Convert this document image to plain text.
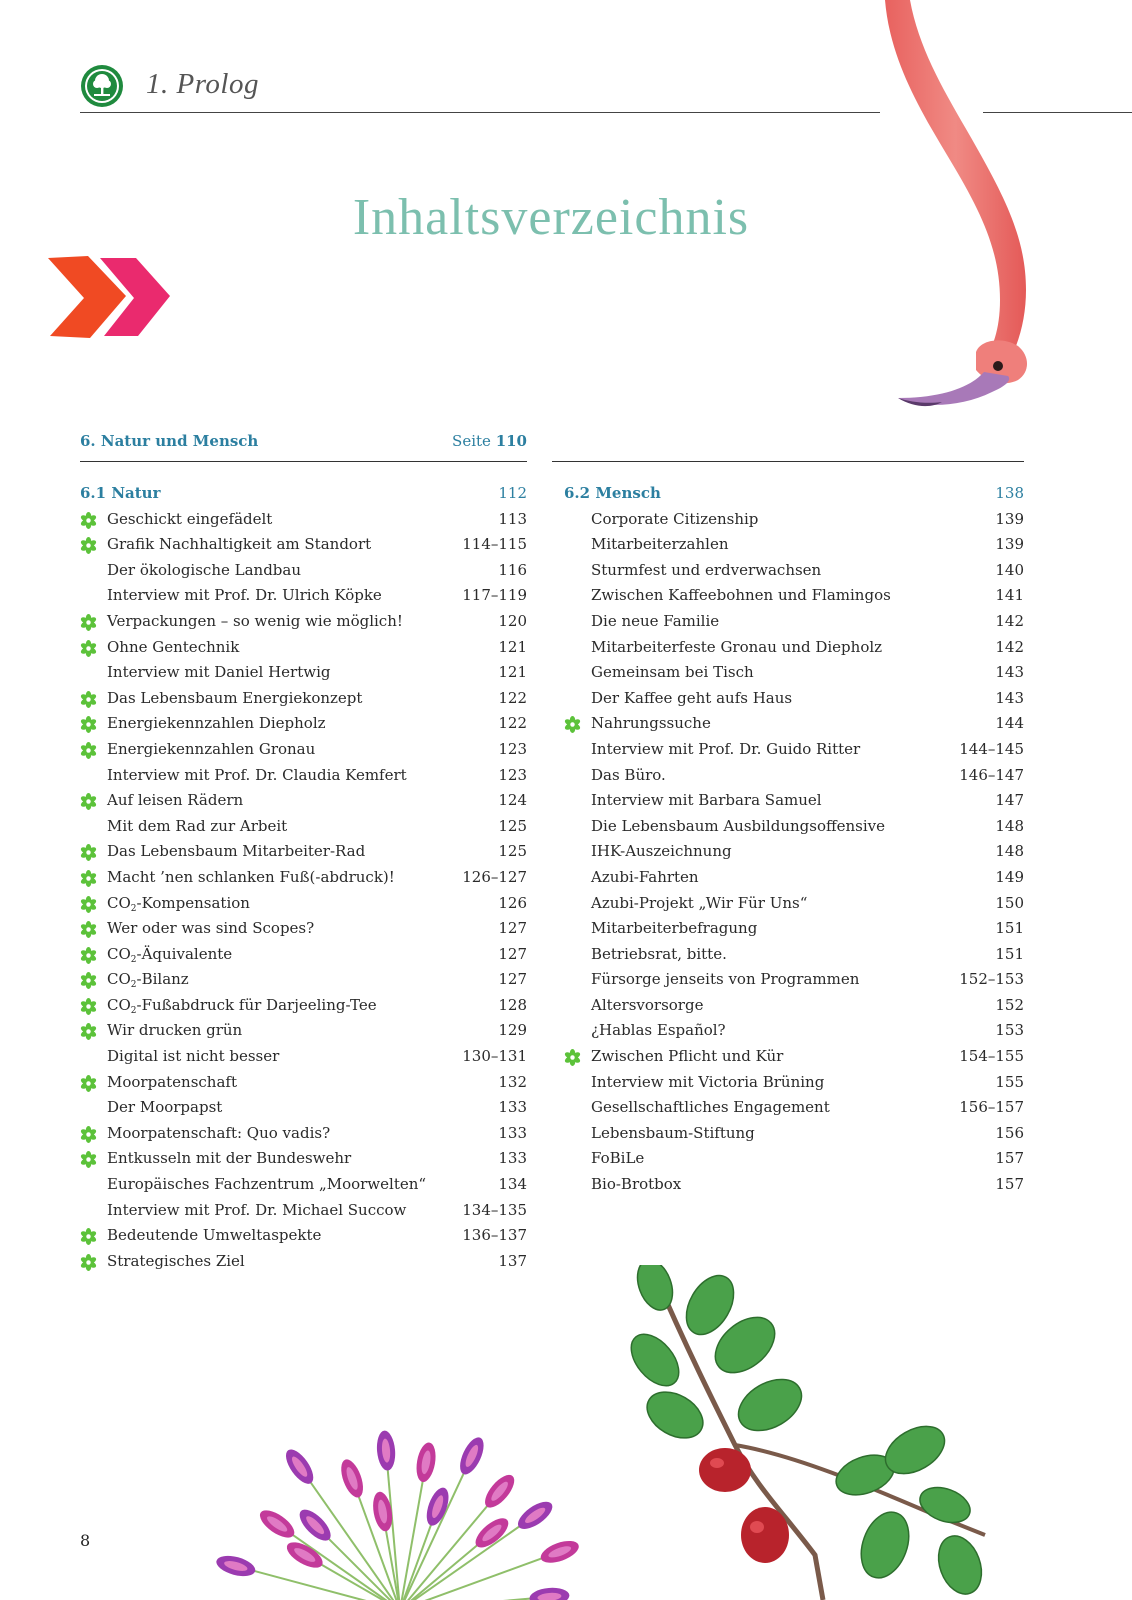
1. Prolog
Inhaltsverzeichnis
6. Natur und Mensch	Seite 110
6.1 Natur	112
Geschickt eingefädelt	113
Grafik Nachhaltigkeit am Standort	114–115
Der ökologische Landbau	116
Interview mit Prof. Dr. Ulrich Köpke	117–119
Verpackungen – so wenig wie möglich!	120
Ohne Gentechnik	121
Interview mit Daniel Hertwig	121
Das Lebensbaum Energiekonzept	122
Energiekennzahlen Diepholz	122
Energiekennzahlen Gronau	123
Interview mit Prof. Dr. Claudia Kemfert	123
Auf leisen Rädern	124
Mit dem Rad zur Arbeit	125
Das Lebensbaum Mitarbeiter-Rad	125
Macht ’nen schlanken Fuß(-abdruck)!	126–127
$CO_2$-Kompensation	126
Wer oder was sind Scopes?	127
$CO_2$-Äquivalente	127
$CO_2$-Bilanz	127
$CO_2$-Fußabdruck für Darjeeling-Tee	128
Wir drucken grün	129
Digital ist nicht besser	130–131
Moorpatenschaft	132
Der Moorpapst	133
Moorpatenschaft: Quo vadis?	133
Entkusseln mit der Bundeswehr	133
Europäisches Fachzentrum „Moorwelten“	134
Interview mit Prof. Dr. Michael Succow	134–135
Bedeutende Umweltaspekte	136–137
Strategisches Ziel	137
6.2 Mensch	138
Corporate Citizenship	139
Mitarbeiterzahlen	139
Sturmfest und erdverwachsen	140
Zwischen Kaffeebohnen und Flamingos	141
Die neue Familie	142
Mitarbeiterfeste Gronau und Diepholz	142
Gemeinsam bei Tisch	143
Der Kaffee geht aufs Haus	143
Nahrungssuche	144
Interview mit Prof. Dr. Guido Ritter	144–145
Das Büro.	146–147
Interview mit Barbara Samuel	147
Die Lebensbaum Ausbildungsoffensive	148
IHK-Auszeichnung	148
Azubi-Fahrten	149
Azubi-Projekt „Wir Für Uns“	150
Mitarbeiterbefragung	151
Betriebsrat, bitte.	151
Fürsorge jenseits von Programmen	152–153
Altersvorsorge	152
¿Hablas Español?	153
Zwischen Pflicht und Kür	154–155
Interview mit Victoria Brüning	155
Gesellschaftliches Engagement	156–157
Lebensbaum-Stiftung	156
FoBiLe	157
Bio-Brotbox	157
8
